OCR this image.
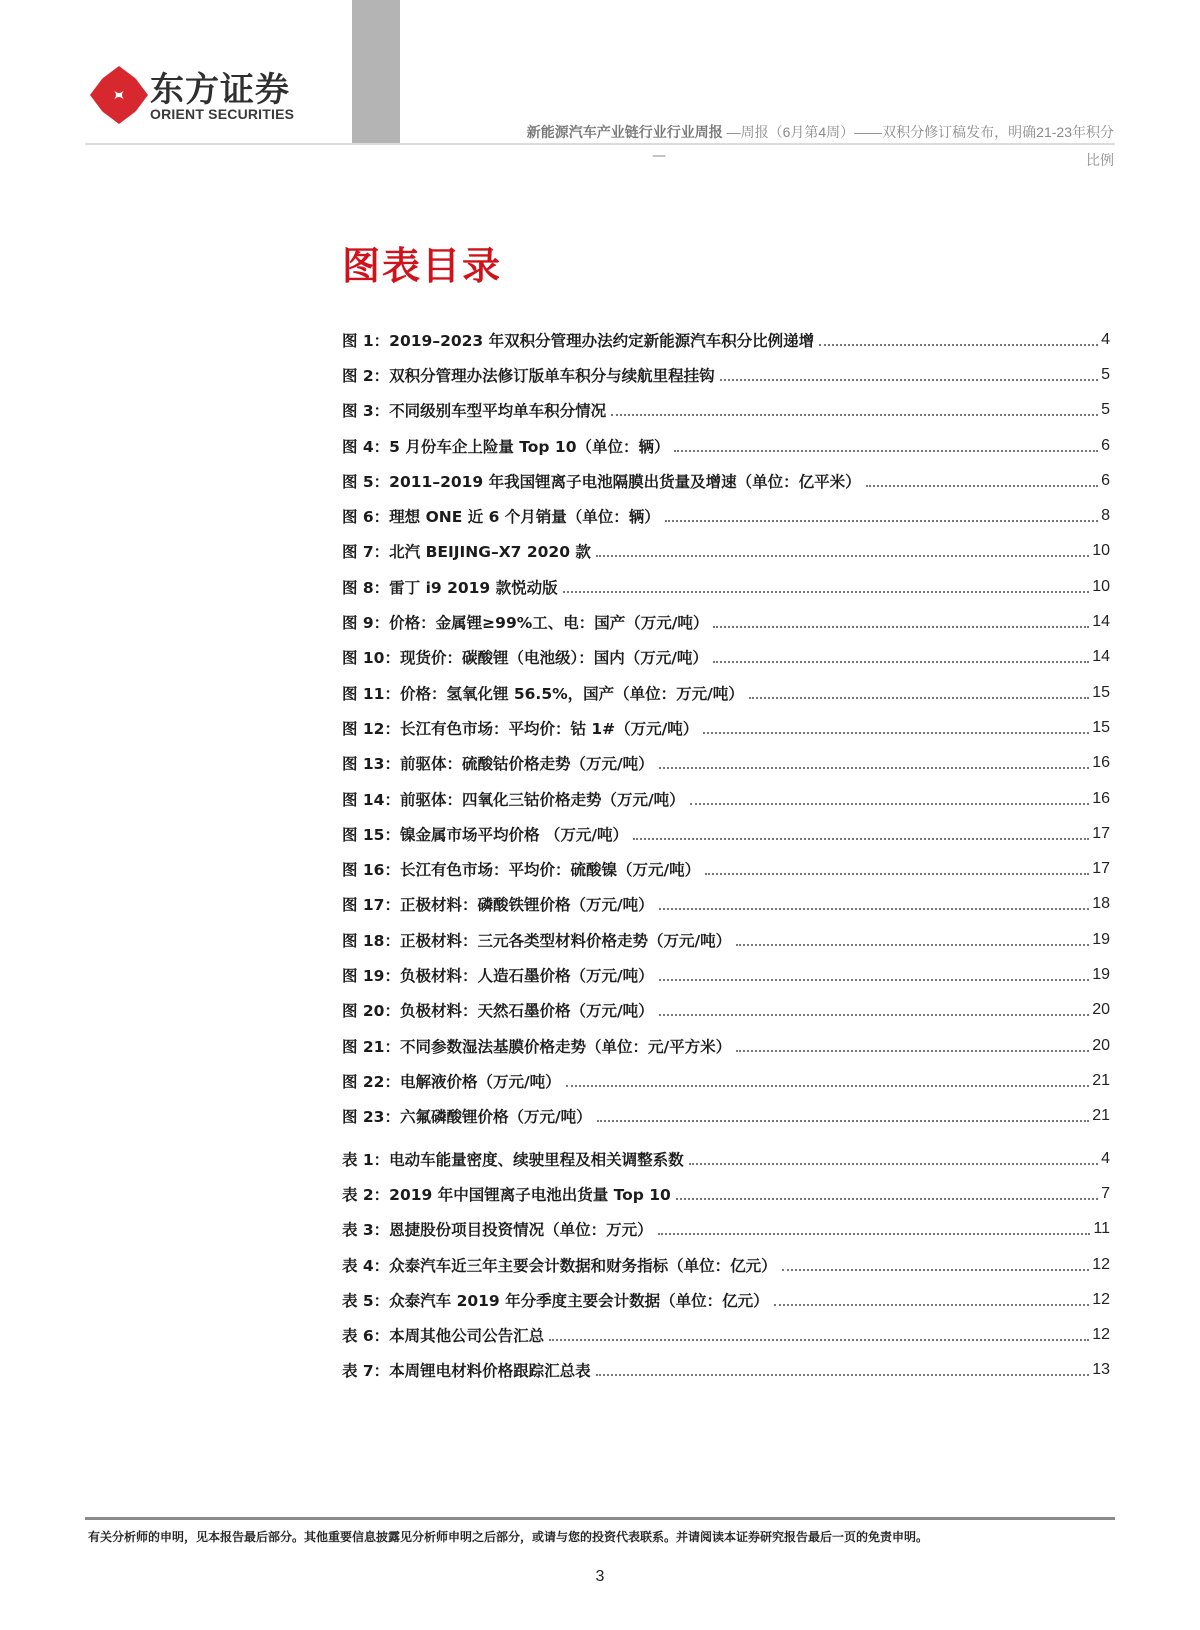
东方证券
ORIENT SECURITIES
新能源汽车产业链行业行业周报 —周报（6月第4周）——双积分修订稿发布，明确21-23年积分
—	比例
图表目录
图 1：2019–2023 年双积分管理办法约定新能源汽车积分比例递增	4
图 2：双积分管理办法修订版单车积分与续航里程挂钩	5
图 3：不同级别车型平均单车积分情况	5
图 4：5 月份车企上险量 Top 10（单位：辆）	6
图 5：2011–2019 年我国锂离子电池隔膜出货量及增速（单位：亿平米）	6
图 6：理想 ONE 近 6 个月销量（单位：辆）	8
图 7：北汽 BEIJING–X7 2020 款	10
图 8：雷丁 i9 2019 款悦动版	10
图 9：价格：金属锂≥99%工、电：国产（万元/吨）	14
图 10：现货价：碳酸锂（电池级）：国内（万元/吨）	14
图 11：价格：氢氧化锂 56.5%，国产（单位：万元/吨）	15
图 12：长江有色市场：平均价：钴 1#（万元/吨）	15
图 13：前驱体：硫酸钴价格走势（万元/吨）	16
图 14：前驱体：四氧化三钴价格走势（万元/吨）	16
图 15：镍金属市场平均价格 （万元/吨）	17
图 16：长江有色市场：平均价：硫酸镍（万元/吨）	17
图 17：正极材料：磷酸铁锂价格（万元/吨）	18
图 18：正极材料：三元各类型材料价格走势（万元/吨）	19
图 19：负极材料：人造石墨价格（万元/吨）	19
图 20：负极材料：天然石墨价格（万元/吨）	20
图 21：不同参数湿法基膜价格走势（单位：元/平方米）	20
图 22：电解液价格（万元/吨）	21
图 23：六氟磷酸锂价格（万元/吨）	21
表 1：电动车能量密度、续驶里程及相关调整系数	4
表 2：2019 年中国锂离子电池出货量 Top 10	7
表 3：恩捷股份项目投资情况（单位：万元）	11
表 4：众泰汽车近三年主要会计数据和财务指标（单位：亿元）	12
表 5：众泰汽车 2019 年分季度主要会计数据（单位：亿元）	12
表 6：本周其他公司公告汇总	12
表 7：本周锂电材料价格跟踪汇总表	13
有关分析师的申明，见本报告最后部分。其他重要信息披露见分析师申明之后部分，或请与您的投资代表联系。并请阅读本证券研究报告最后一页的免责申明。
3
